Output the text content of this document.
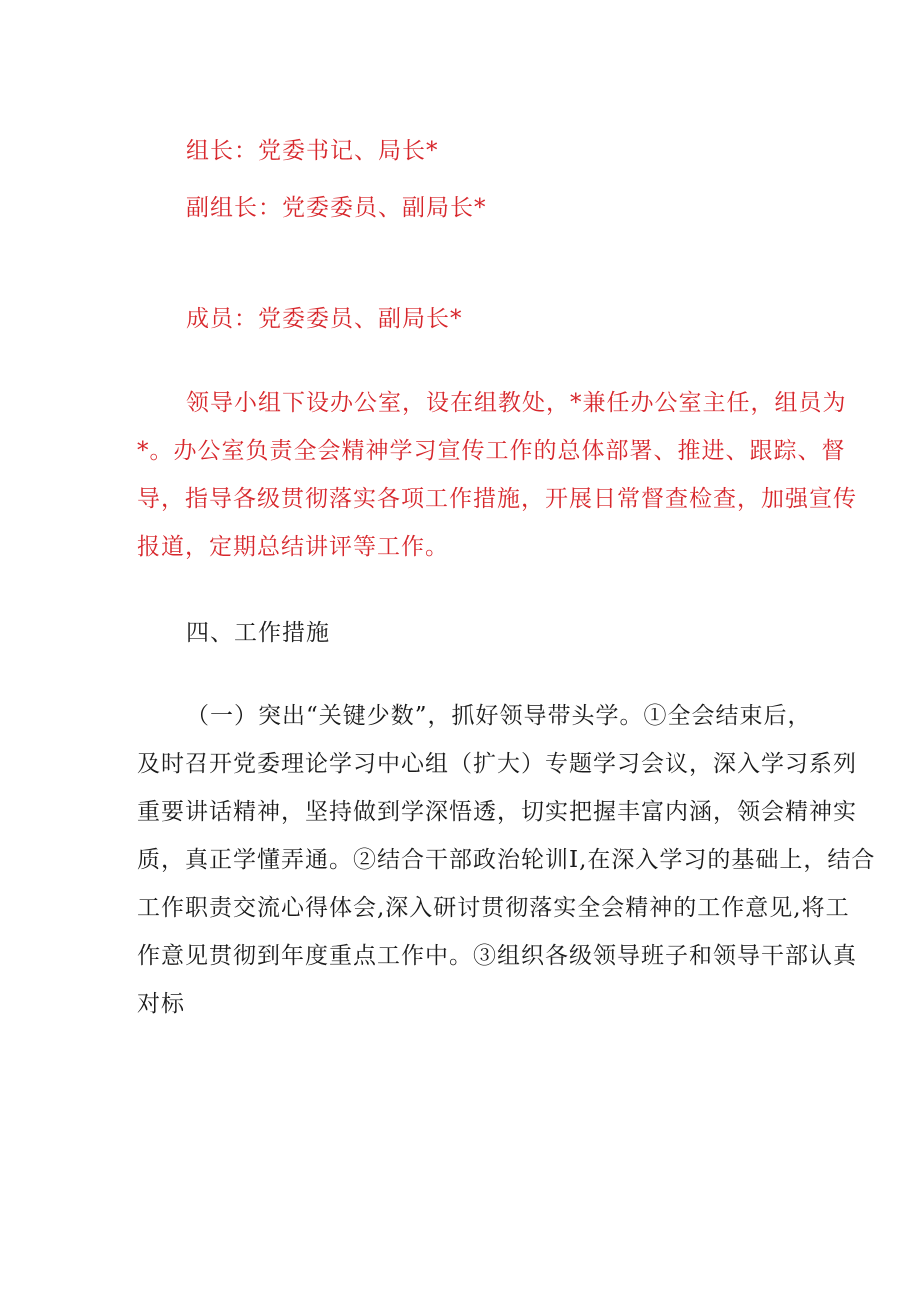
组长：党委书记、局长*
副组长：党委委员、副局长*
成员：党委委员、副局长*
领导小组下设办公室，设在组教处，*兼任办公室主任，组员为
*。办公室负责全会精神学习宣传工作的总体部署、推进、跟踪、督
导，指导各级贯彻落实各项工作措施，开展日常督查检查，加强宣传
报道，定期总结讲评等工作。
四、工作措施
（一）突出“关键少数”，抓好领导带头学。①全会结束后，
及时召开党委理论学习中心组（扩大）专题学习会议，深入学习系列
重要讲话精神，坚持做到学深悟透，切实把握丰富内涵，领会精神实
质，真正学懂弄通。②结合干部政治轮训I,在深入学习的基础上，结合
工作职责交流心得体会,深入研讨贯彻落实全会精神的工作意见,将工
作意见贯彻到年度重点工作中。③组织各级领导班子和领导干部认真
对标
